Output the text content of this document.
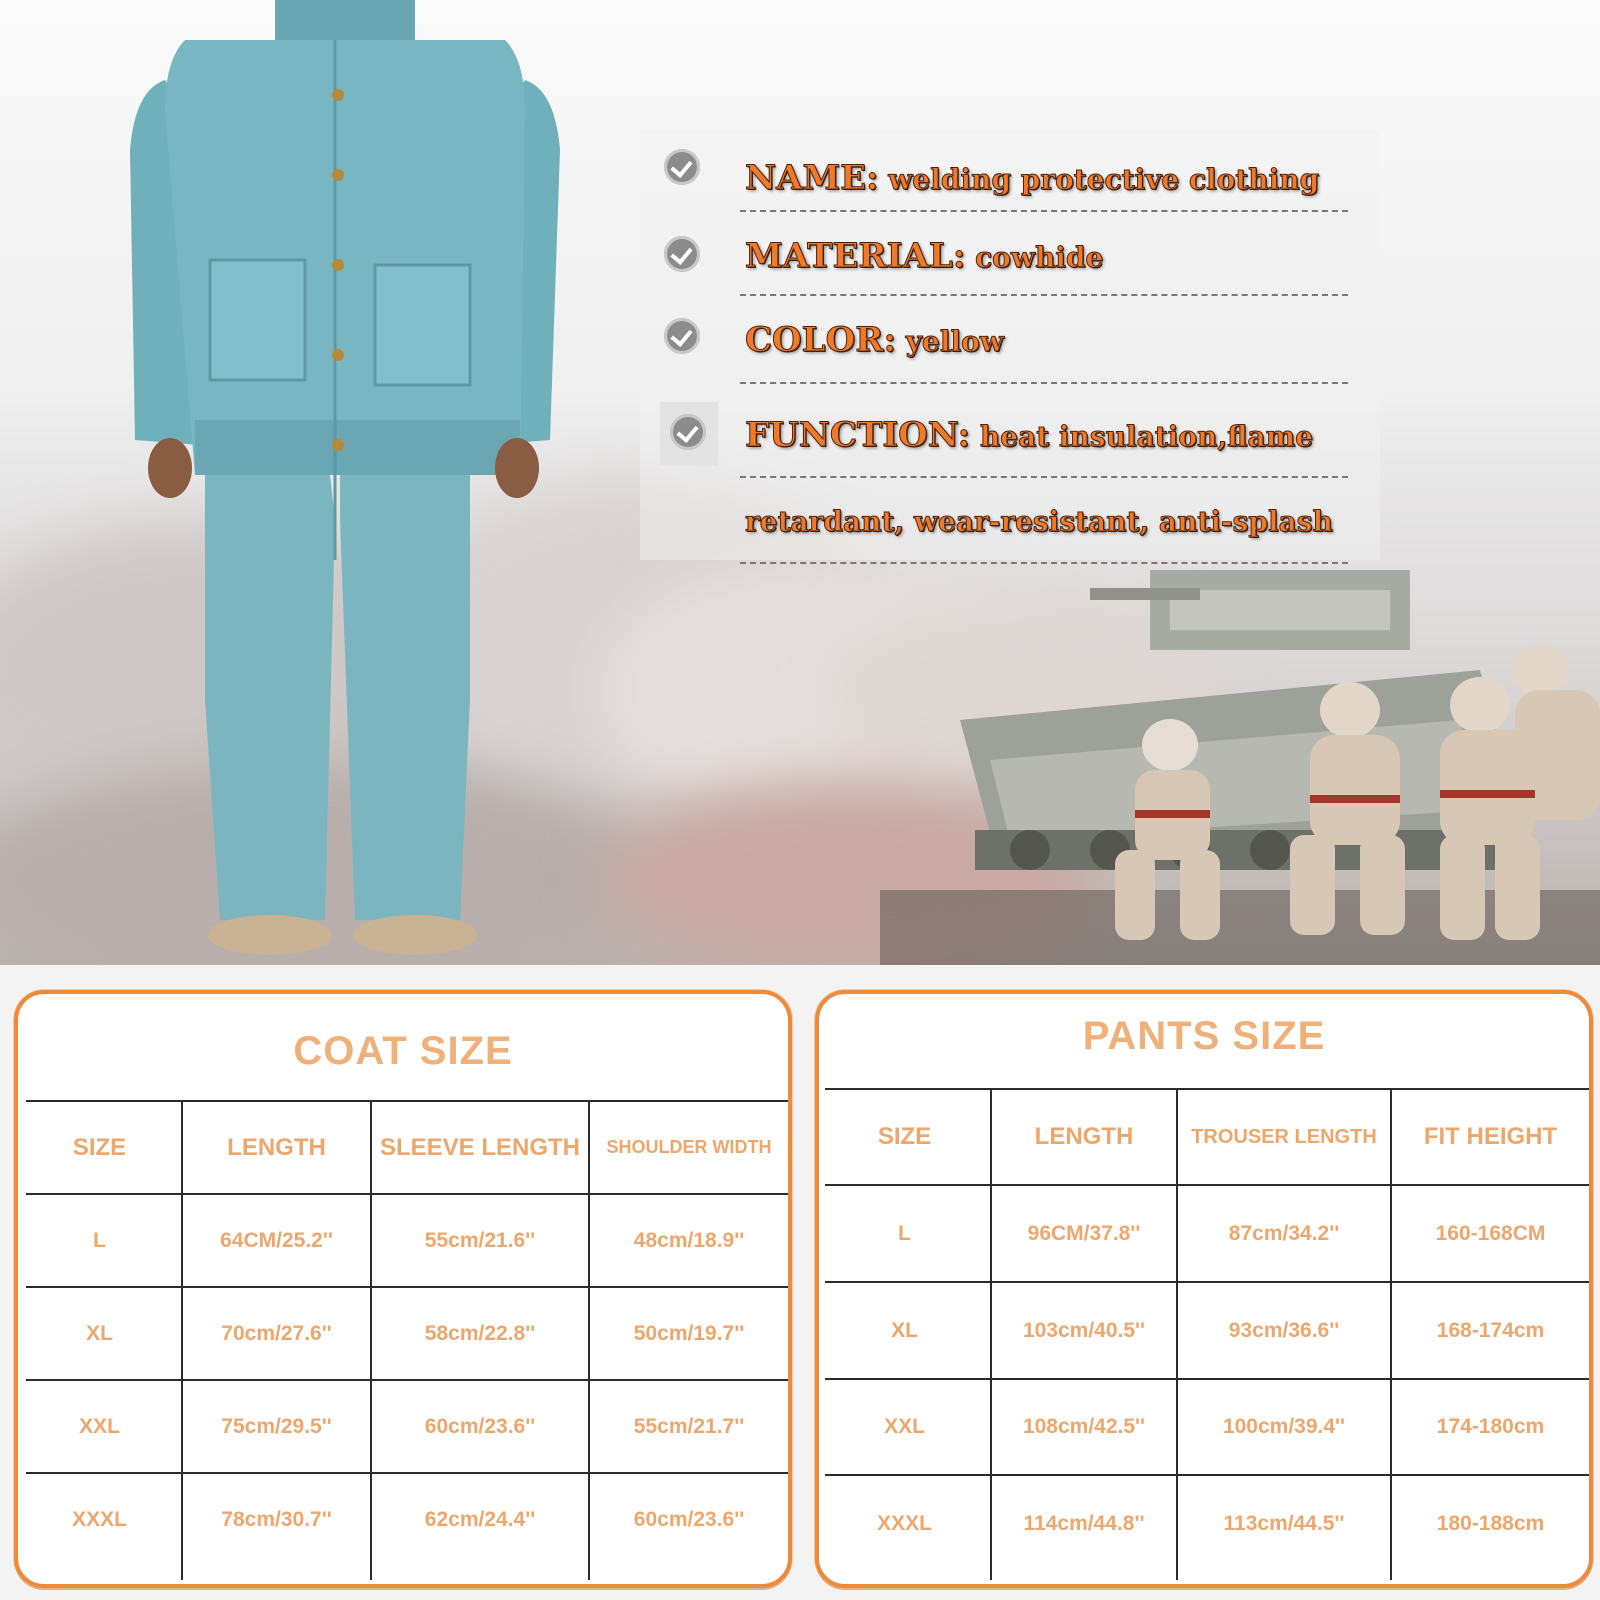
NAME: welding protective clothing
MATERIAL: cowhide
COLOR: yellow
FUNCTION: heat insulation,flame
retardant, wear-resistant, anti-splash
COAT SIZE
SIZE	LENGTH	SLEEVE LENGTH	SHOULDER WIDTH
L	64CM/25.2''	55cm/21.6''	48cm/18.9''
XL	70cm/27.6''	58cm/22.8''	50cm/19.7''
XXL	75cm/29.5''	60cm/23.6''	55cm/21.7''
XXXL	78cm/30.7''	62cm/24.4''	60cm/23.6''
PANTS SIZE
SIZE	LENGTH	TROUSER LENGTH	FIT HEIGHT
L	96CM/37.8''	87cm/34.2''	160-168CM
XL	103cm/40.5''	93cm/36.6''	168-174cm
XXL	108cm/42.5''	100cm/39.4''	174-180cm
XXXL	114cm/44.8''	113cm/44.5''	180-188cm
